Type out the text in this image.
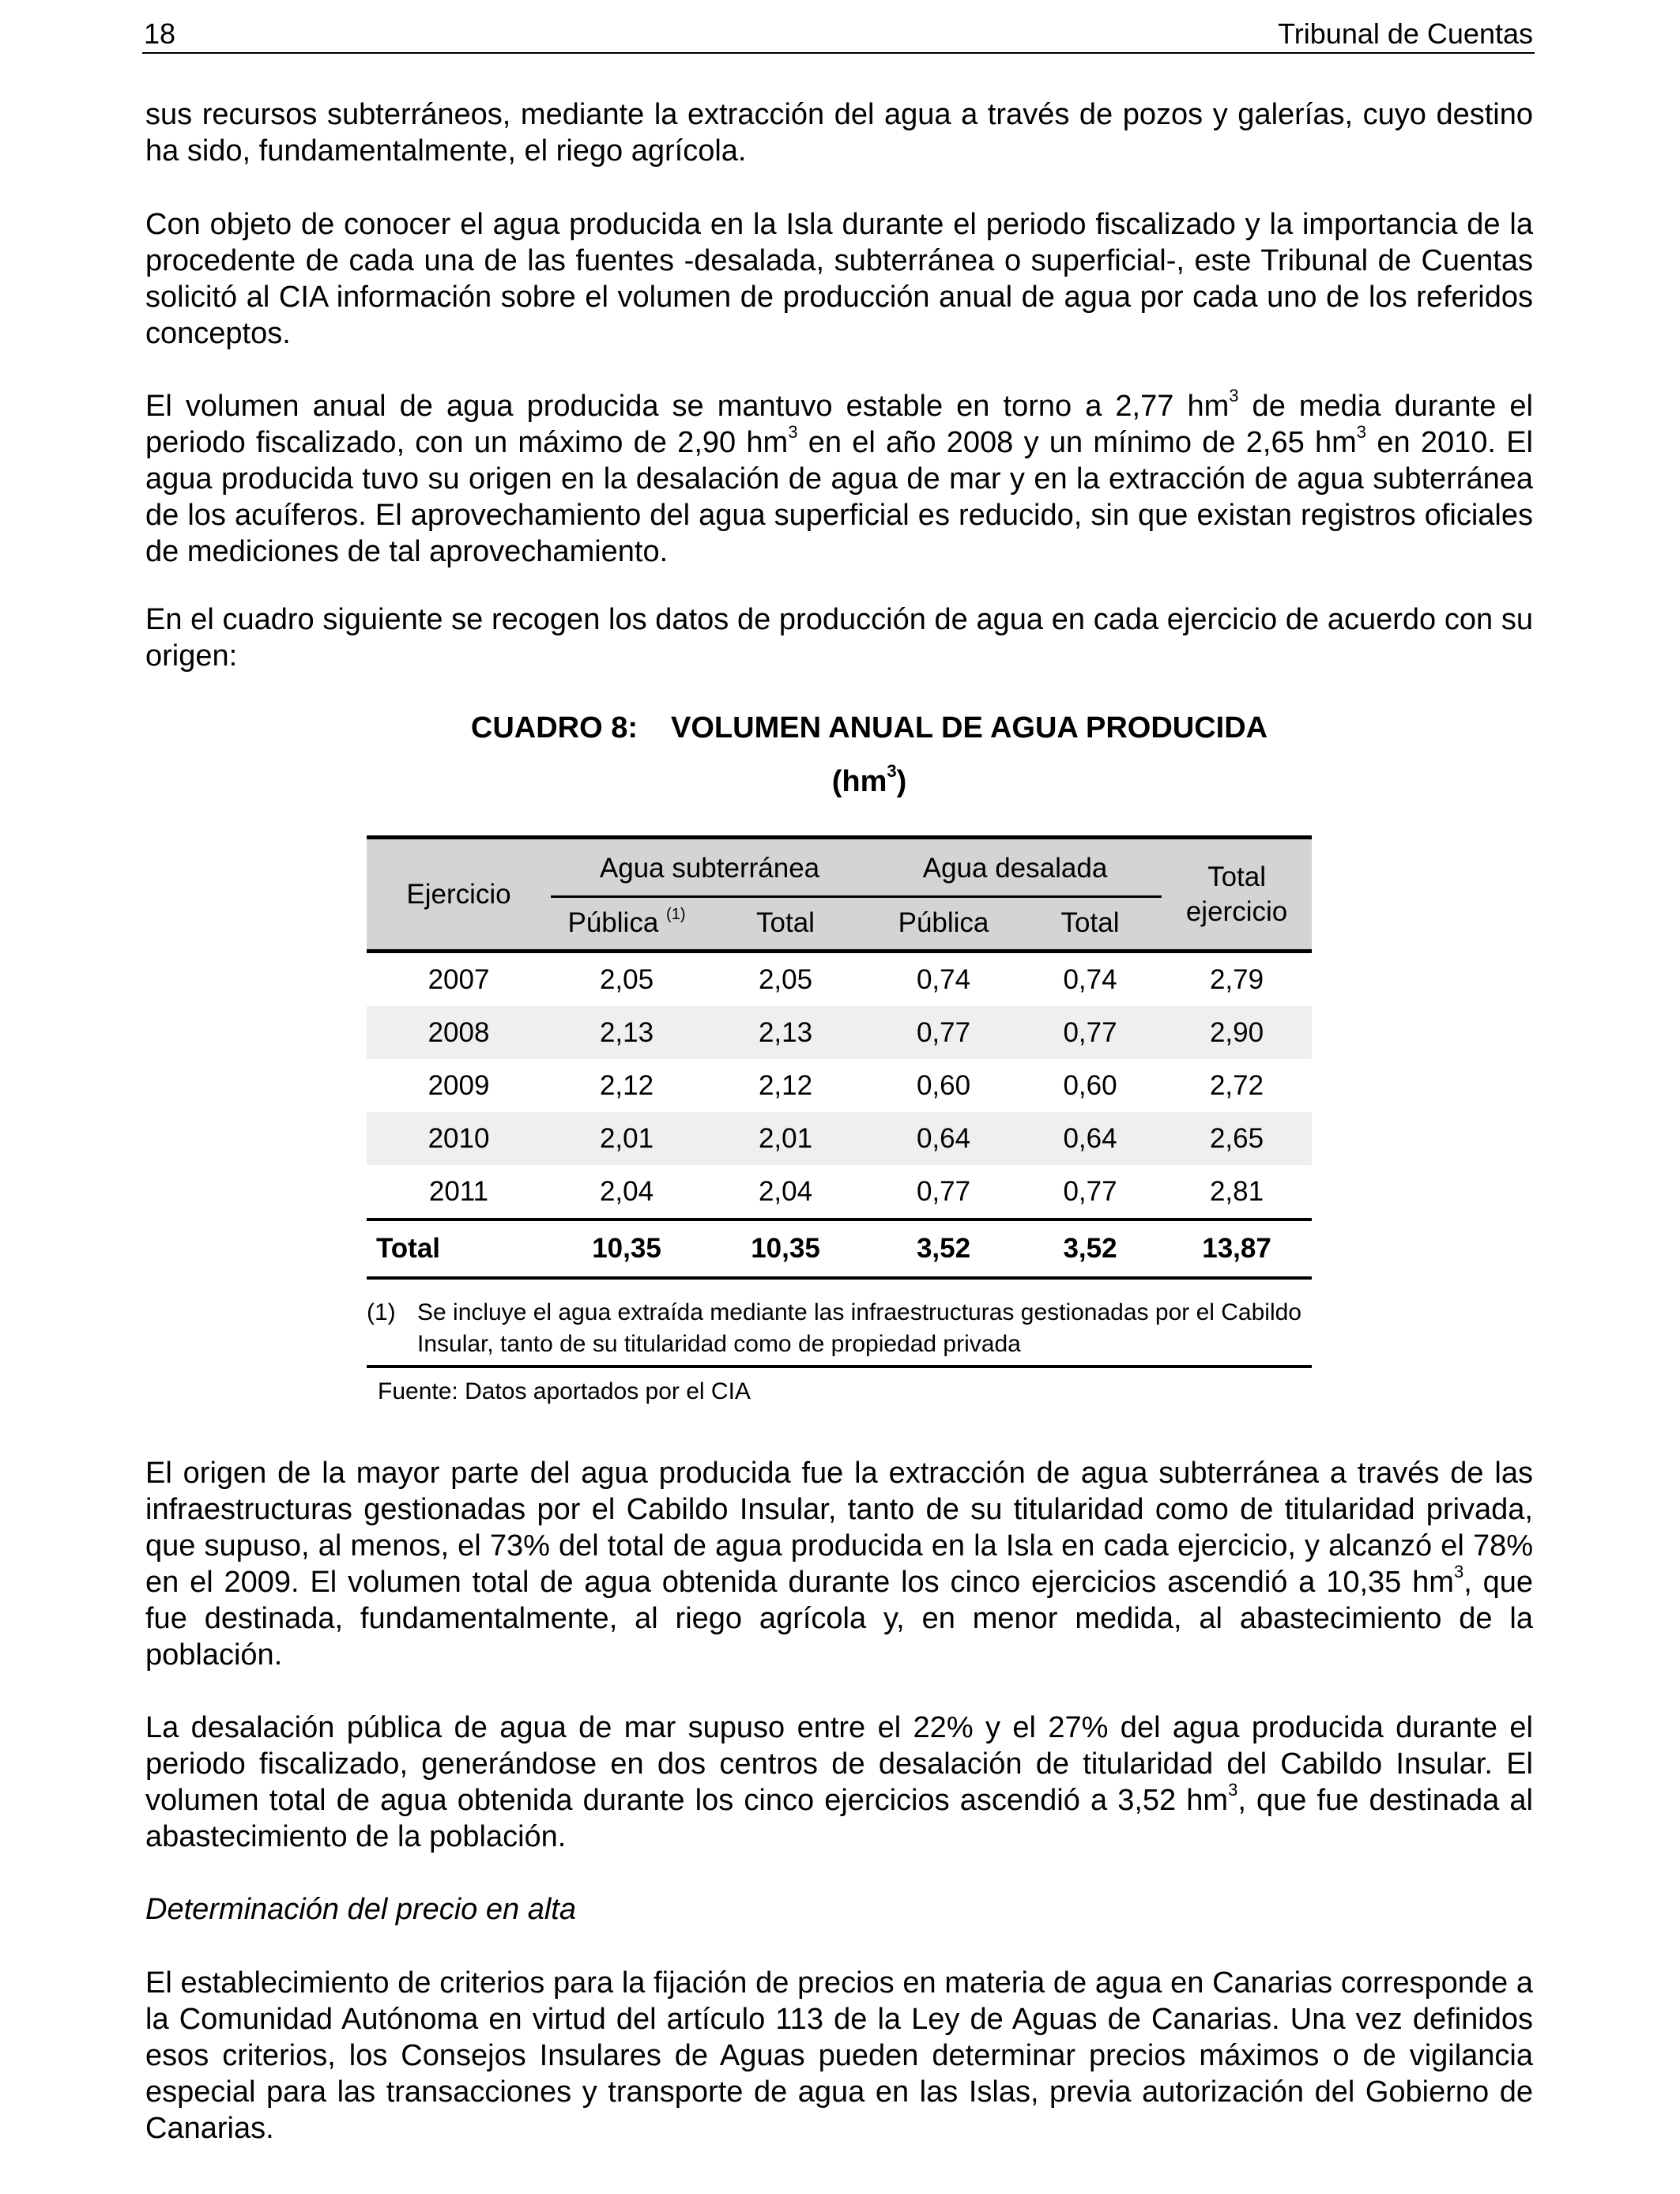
18	Tribunal de Cuentas

sus recursos subterráneos, mediante la extracción del agua a través de pozos y galerías, cuyo destino ha sido, fundamentalmente, el riego agrícola.

Con objeto de conocer el agua producida en la Isla durante el periodo fiscalizado y la importancia de la procedente de cada una de las fuentes -desalada, subterránea o superficial-, este Tribunal de Cuentas solicitó al CIA información sobre el volumen de producción anual de agua por cada uno de los referidos conceptos.

El volumen anual de agua producida se mantuvo estable en torno a 2,77 $hm^3$ de media durante el periodo fiscalizado, con un máximo de 2,90 $hm^3$ en el año 2008 y un mínimo de 2,65 $hm^3$ en 2010. El agua producida tuvo su origen en la desalación de agua de mar y en la extracción de agua subterránea de los acuíferos. El aprovechamiento del agua superficial es reducido, sin que existan registros oficiales de mediciones de tal aprovechamiento.

En el cuadro siguiente se recogen los datos de producción de agua en cada ejercicio de acuerdo con su origen:

CUADRO 8: VOLUMEN ANUAL DE AGUA PRODUCIDA
$(hm^3)$
Ejercicio	Agua subterránea		Agua desalada		Total
ejercicio
	Pública $^{(1)}$	Total	Pública	Total	
2007	2,05	2,05	0,74	0,74	2,79
2008	2,13	2,13	0,77	0,77	2,90
2009	2,12	2,12	0,60	0,60	2,72
2010	2,01	2,01	0,64	0,64	2,65
2011	2,04	2,04	0,77	0,77	2,81
Total	10,35	10,35	3,52	3,52	13,87
(1) Se incluye el agua extraída mediante las infraestructuras gestionadas por el Cabildo Insular, tanto de su titularidad como de propiedad privada
Fuente: Datos aportados por el CIA

El origen de la mayor parte del agua producida fue la extracción de agua subterránea a través de las infraestructuras gestionadas por el Cabildo Insular, tanto de su titularidad como de titularidad privada, que supuso, al menos, el 73% del total de agua producida en la Isla en cada ejercicio, y alcanzó el 78% en el 2009. El volumen total de agua obtenida durante los cinco ejercicios ascendió a 10,35 $hm^3$, que fue destinada, fundamentalmente, al riego agrícola y, en menor medida, al abastecimiento de la población.

La desalación pública de agua de mar supuso entre el 22% y el 27% del agua producida durante el periodo fiscalizado, generándose en dos centros de desalación de titularidad del Cabildo Insular. El volumen total de agua obtenida durante los cinco ejercicios ascendió a 3,52 $hm^3$, que fue destinada al abastecimiento de la población.

Determinación del precio en alta

El establecimiento de criterios para la fijación de precios en materia de agua en Canarias corresponde a la Comunidad Autónoma en virtud del artículo 113 de la Ley de Aguas de Canarias. Una vez definidos esos criterios, los Consejos Insulares de Aguas pueden determinar precios máximos o de vigilancia especial para las transacciones y transporte de agua en las Islas, previa autorización del Gobierno de Canarias.
